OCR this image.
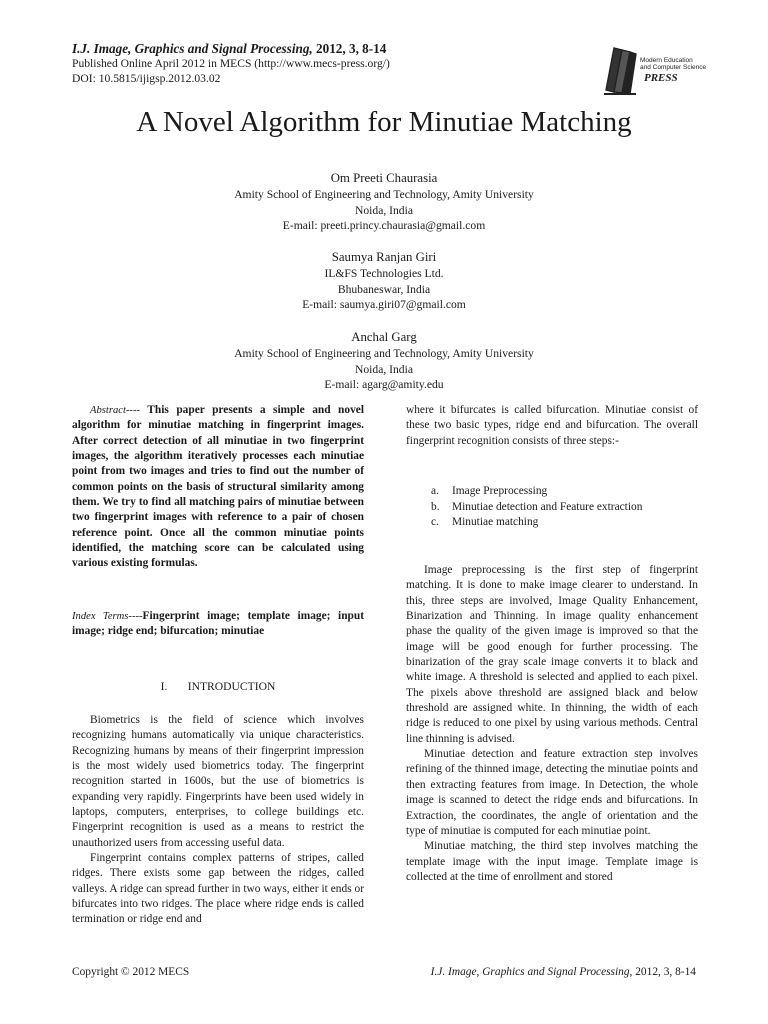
I.J. Image, Graphics and Signal Processing, 2012, 3, 8-14
Published Online April 2012 in MECS (http://www.mecs-press.org/)
DOI: 10.5815/ijigsp.2012.03.02
Modern Education
and Computer Science
PRESS
A Novel Algorithm for Minutiae Matching
Om Preeti Chaurasia
Amity School of Engineering and Technology, Amity University
Noida, India
E-mail: preeti.princy.chaurasia@gmail.com
Saumya Ranjan Giri
IL&FS Technologies Ltd.
Bhubaneswar, India
E-mail: saumya.giri07@gmail.com
Anchal Garg
Amity School of Engineering and Technology, Amity University
Noida, India
E-mail: agarg@amity.edu

Abstract---- This paper presents a simple and novel algorithm for minutiae matching in fingerprint images. After correct detection of all minutiae in two fingerprint images, the algorithm iteratively processes each minutiae point from two images and tries to find out the number of common points on the basis of structural similarity among them. We try to find all matching pairs of minutiae between two fingerprint images with reference to a pair of chosen reference point. Once all the common minutiae points identified, the matching score can be calculated using various existing formulas.

Index Terms----Fingerprint image; template image; input image; ridge end; bifurcation; minutiae

I. INTRODUCTION

Biometrics is the field of science which involves recognizing humans automatically via unique characteristics. Recognizing humans by means of their fingerprint impression is the most widely used biometrics today. The fingerprint recognition started in 1600s, but the use of biometrics is expanding very rapidly. Fingerprints have been used widely in laptops, computers, enterprises, to college buildings etc. Fingerprint recognition is used as a means to restrict the unauthorized users from accessing useful data.

Fingerprint contains complex patterns of stripes, called ridges. There exists some gap between the ridges, called valleys. A ridge can spread further in two ways, either it ends or bifurcates into two ridges. The place where ridge ends is called termination or ridge end and

where it bifurcates is called bifurcation. Minutiae consist of these two basic types, ridge end and bifurcation. The overall fingerprint recognition consists of three steps:-

a. Image Preprocessing
b. Minutiae detection and Feature extraction
c. Minutiae matching

Image preprocessing is the first step of fingerprint matching. It is done to make image clearer to understand. In this, three steps are involved, Image Quality Enhancement, Binarization and Thinning. In image quality enhancement phase the quality of the given image is improved so that the image will be good enough for further processing. The binarization of the gray scale image converts it to black and white image. A threshold is selected and applied to each pixel. The pixels above threshold are assigned black and below threshold are assigned white. In thinning, the width of each ridge is reduced to one pixel by using various methods. Central line thinning is advised.

Minutiae detection and feature extraction step involves refining of the thinned image, detecting the minutiae points and then extracting features from image. In Detection, the whole image is scanned to detect the ridge ends and bifurcations. In Extraction, the coordinates, the angle of orientation and the type of minutiae is computed for each minutiae point.

Minutiae matching, the third step involves matching the template image with the input image. Template image is collected at the time of enrollment and stored

Copyright © 2012 MECS	I.J. Image, Graphics and Signal Processing, 2012, 3, 8-14
